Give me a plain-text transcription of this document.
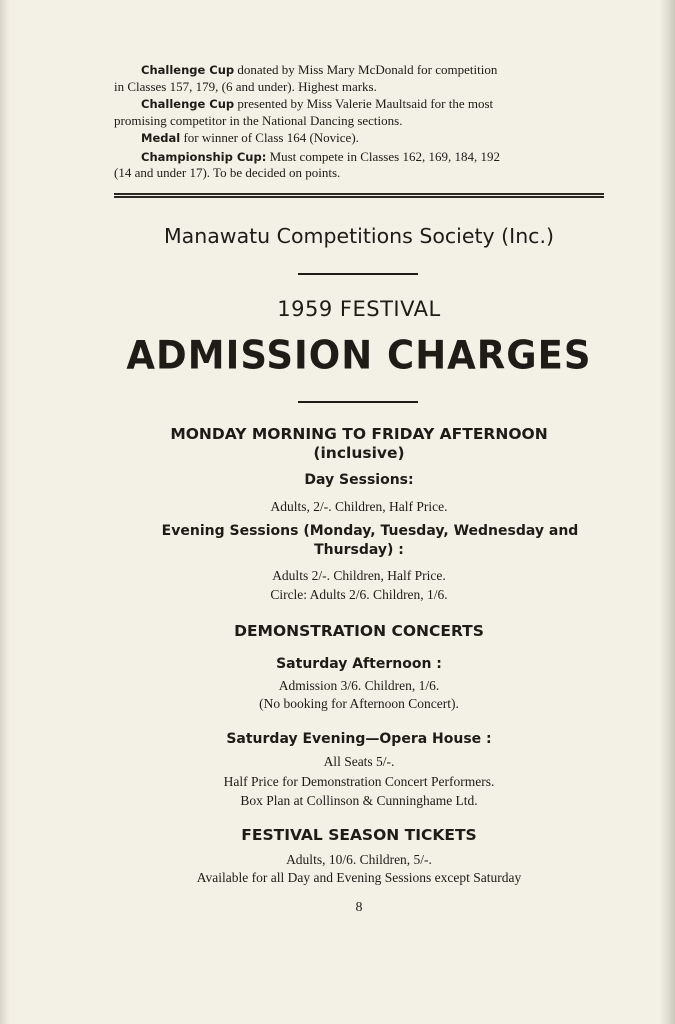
Challenge Cup donated by Miss Mary McDonald for competition
in Classes 157, 179, (6 and under). Highest marks.
Challenge Cup presented by Miss Valerie Maultsaid for the most
promising competitor in the National Dancing sections.
Medal for winner of Class 164 (Novice).
Championship Cup: Must compete in Classes 162, 169, 184, 192
(14 and under 17). To be decided on points.
Manawatu Competitions Society (Inc.)
1959 FESTIVAL
ADMISSION CHARGES
MONDAY MORNING TO FRIDAY AFTERNOON
(inclusive)
Day Sessions:
Adults, 2/-. Children, Half Price.
Evening Sessions (Monday, Tuesday, Wednesday and
Thursday) :
Adults 2/-. Children, Half Price.
Circle: Adults 2/6. Children, 1/6.
DEMONSTRATION CONCERTS
Saturday Afternoon :
Admission 3/6. Children, 1/6.
(No booking for Afternoon Concert).
Saturday Evening—Opera House :
All Seats 5/-.
Half Price for Demonstration Concert Performers.
Box Plan at Collinson & Cunninghame Ltd.
FESTIVAL SEASON TICKETS
Adults, 10/6. Children, 5/-.
Available for all Day and Evening Sessions except Saturday
8
